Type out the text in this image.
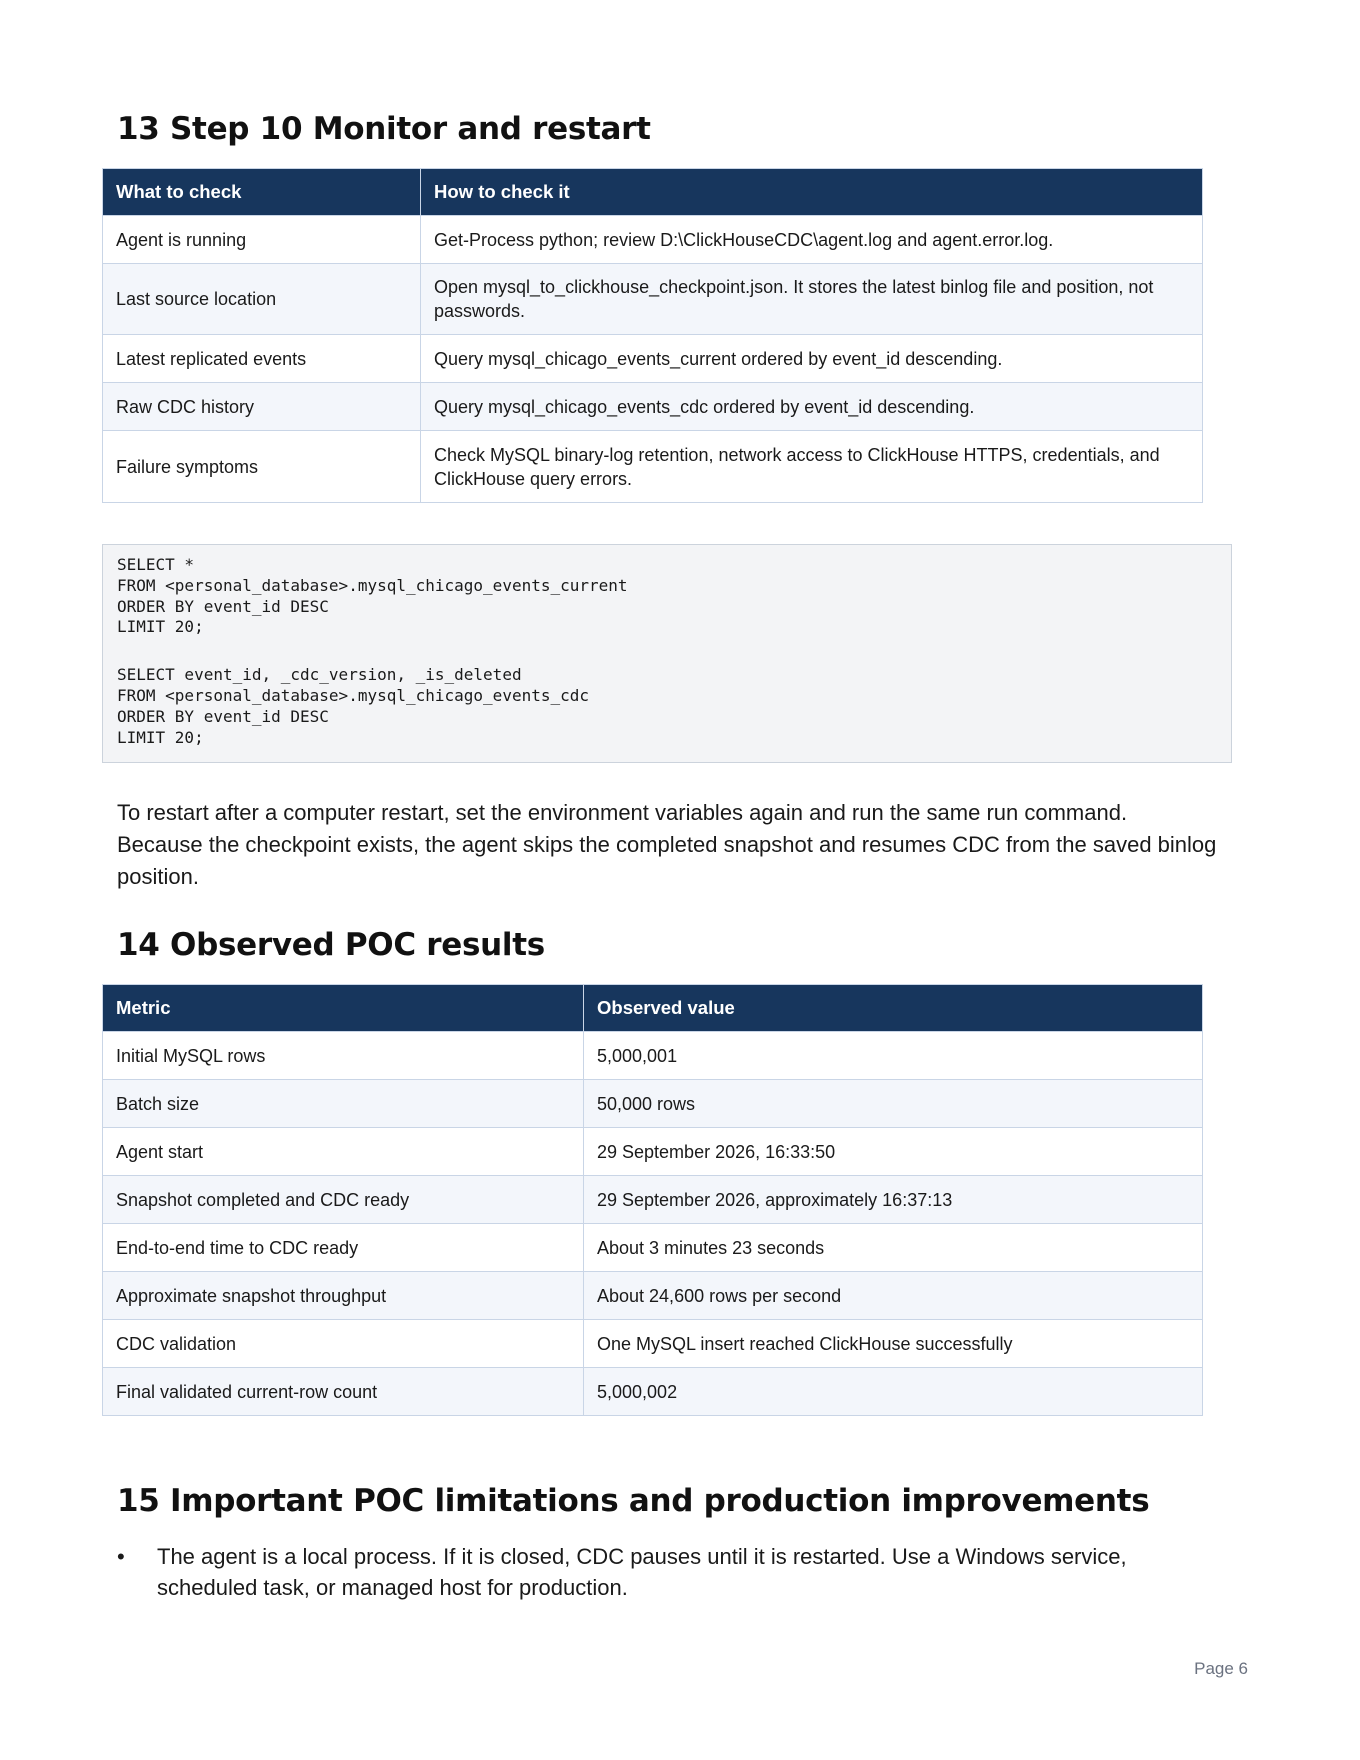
13 Step 10 Monitor and restart
What to check	How to check it
Agent is running	Get-Process python; review D:\ClickHouseCDC\agent.log and agent.error.log.
Last source location	Open mysql_to_clickhouse_checkpoint.json. It stores the latest binlog file and position, not passwords.
Latest replicated events	Query mysql_chicago_events_current ordered by event_id descending.
Raw CDC history	Query mysql_chicago_events_cdc ordered by event_id descending.
Failure symptoms	Check MySQL binary-log retention, network access to ClickHouse HTTPS, credentials, and ClickHouse query errors.
SELECT *
FROM <personal_database>.mysql_chicago_events_current
ORDER BY event_id DESC
LIMIT 20;
SELECT event_id, _cdc_version, _is_deleted
FROM <personal_database>.mysql_chicago_events_cdc
ORDER BY event_id DESC
LIMIT 20;

To restart after a computer restart, set the environment variables again and run the same run command. Because the checkpoint exists, the agent skips the completed snapshot and resumes CDC from the saved binlog position.

14 Observed POC results
Metric	Observed value
Initial MySQL rows	5,000,001
Batch size	50,000 rows
Agent start	29 September 2026, 16:33:50
Snapshot completed and CDC ready	29 September 2026, approximately 16:37:13
End-to-end time to CDC ready	About 3 minutes 23 seconds
Approximate snapshot throughput	About 24,600 rows per second
CDC validation	One MySQL insert reached ClickHouse successfully
Final validated current-row count	5,000,002
15 Important POC limitations and production improvements
• The agent is a local process. If it is closed, CDC pauses until it is restarted. Use a Windows service, scheduled task, or managed host for production.
Page 6
